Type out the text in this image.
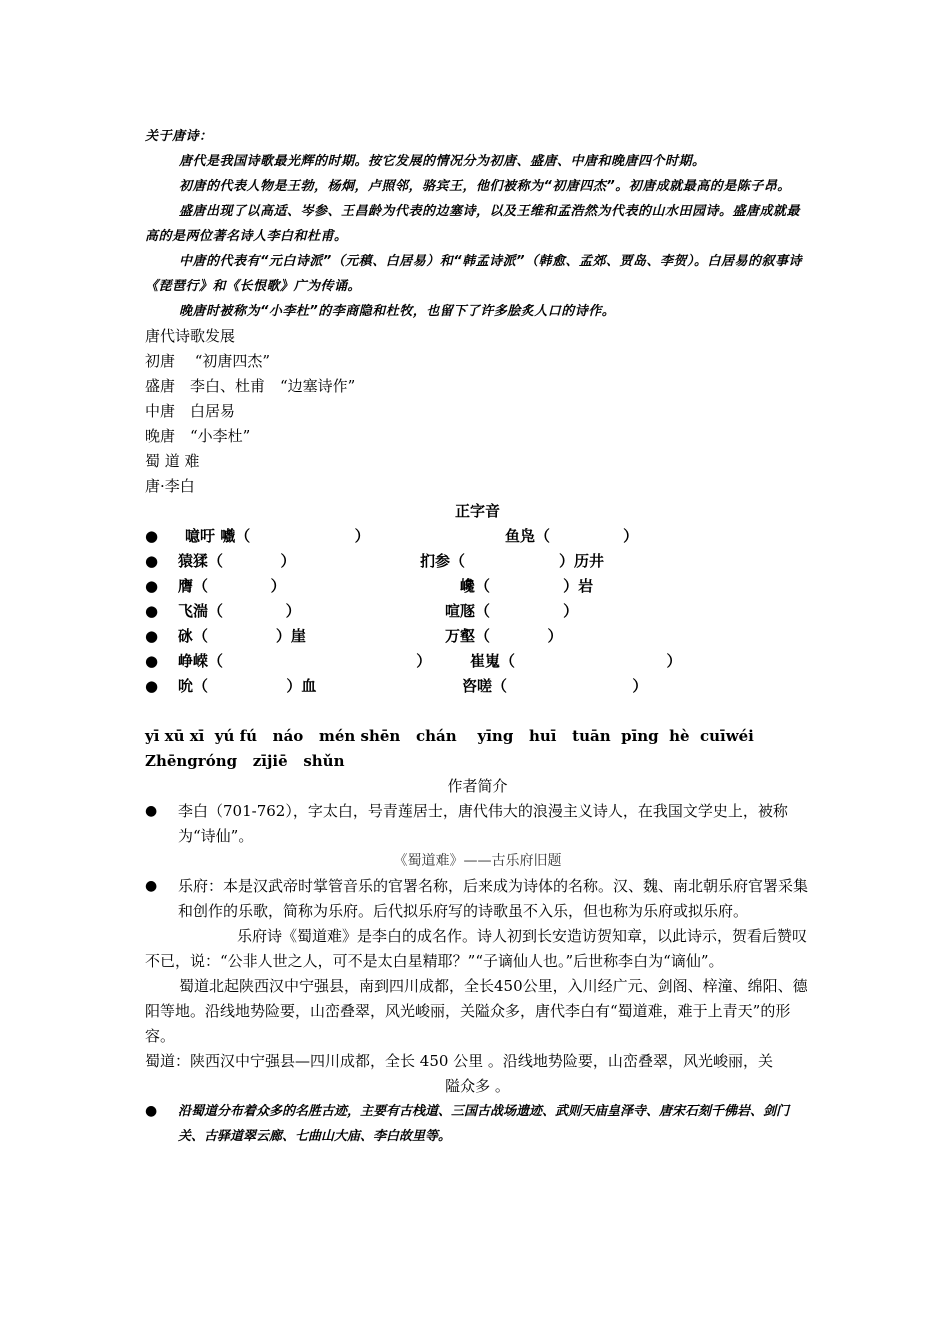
关于唐诗：
唐代是我国诗歌最光辉的时期。按它发展的情况分为初唐、盛唐、中唐和晚唐四个时期。
初唐的代表人物是王勃，杨炯，卢照邻，骆宾王，他们被称为“初唐四杰”。初唐成就最高的是陈子昂。
盛唐出现了以高适、岑参、王昌龄为代表的边塞诗，以及王维和孟浩然为代表的山水田园诗。盛唐成就最高的是两位著名诗人李白和杜甫。
中唐的代表有“元白诗派”（元稹、白居易）和“韩孟诗派”（韩愈、孟郊、贾岛、李贺）。白居易的叙事诗《琵琶行》和《长恨歌》广为传诵。
晚唐时被称为“小李杜”的李商隐和杜牧，也留下了许多脍炙人口的诗作。
唐代诗歌发展
初唐　 “初唐四杰”
盛唐　李白、杜甫　“边塞诗作”
中唐　白居易
晚唐　“小李杜”
蜀 道 难
唐·李白
正字音
● 噫吁 嚱（                    ）	鱼凫（              ）
● 猿猱（           ）	扪参（                  ）历井
● 膺（            ）	巉（              ）岩
● 飞湍（            ）	喧豗（              ）
● 砯（             ）崖	万壑（           ）
● 峥嵘（                                     ）	崔嵬（                             ）
● 吮（               ）血	咨嗟（                        ）
yī xū xī  yú fú   náo   mén shēn   chán    yīng   huī   tuān  pīng  hè  cuīwéi
Zhēngróng   zījiē   shǔn
作者简介
● 李白（701-762），字太白，号青莲居士，唐代伟大的浪漫主义诗人，在我国文学史上，被称为“诗仙”。
《蜀道难》——古乐府旧题
● 乐府：本是汉武帝时掌管音乐的官署名称，后来成为诗体的名称。汉、魏、南北朝乐府官署采集和创作的乐歌，简称为乐府。后代拟乐府写的诗歌虽不入乐，但也称为乐府或拟乐府。
乐府诗《蜀道难》是李白的成名作。诗人初到长安造访贺知章，以此诗示，贺看后赞叹不已，说：“公非人世之人，可不是太白星精耶？”“子谪仙人也。”后世称李白为“谪仙”。
蜀道北起陕西汉中宁强县，南到四川成都，全长450公里，入川经广元、剑阁、梓潼、绵阳、德阳等地。沿线地势险要，山峦叠翠，风光峻丽，关隘众多，唐代李白有“蜀道难，难于上青天”的形容。
蜀道：陕西汉中宁强县—四川成都，全长 450 公里 。沿线地势险要，山峦叠翠，风光峻丽，关
隘众多 。
● 沿蜀道分布着众多的名胜古迹，主要有古栈道、三国古战场遗迹、武则天庙皇泽寺、唐宋石刻千佛岩、剑门关、古驿道翠云廊、七曲山大庙、李白故里等。
